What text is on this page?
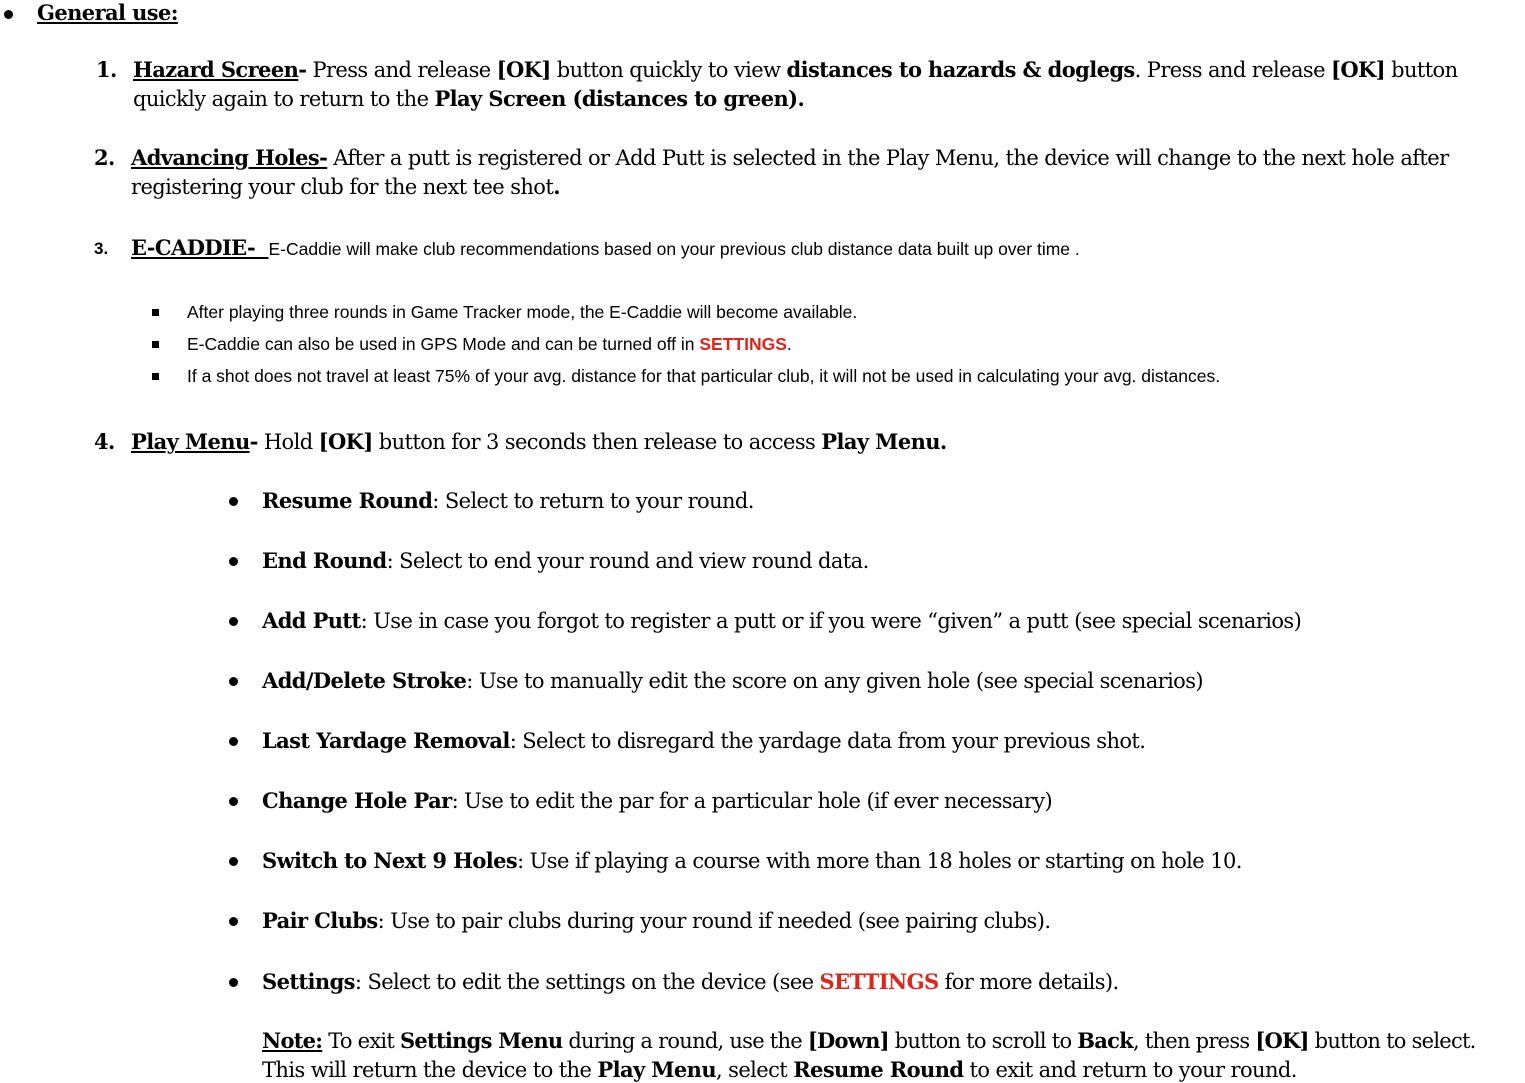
General use:
1. Hazard Screen- Press and release [OK] button quickly to view distances to hazards & doglegs. Press and release [OK] button
quickly again to return to the Play Screen (distances to green).
2. Advancing Holes- After a putt is registered or Add Putt is selected in the Play Menu, the device will change to the next hole after
registering your club for the next tee shot.
3. E-CADDIE-  E-Caddie will make club recommendations based on your previous club distance data built up over time .
After playing three rounds in Game Tracker mode, the E-Caddie will become available.
E-Caddie can also be used in GPS Mode and can be turned off in SETTINGS.
If a shot does not travel at least 75% of your avg. distance for that particular club, it will not be used in calculating your avg. distances.
4. Play Menu- Hold [OK] button for 3 seconds then release to access Play Menu.
Resume Round: Select to return to your round.
End Round: Select to end your round and view round data.
Add Putt: Use in case you forgot to register a putt or if you were “given” a putt (see special scenarios)
Add/Delete Stroke: Use to manually edit the score on any given hole (see special scenarios)
Last Yardage Removal: Select to disregard the yardage data from your previous shot.
Change Hole Par: Use to edit the par for a particular hole (if ever necessary)
Switch to Next 9 Holes: Use if playing a course with more than 18 holes or starting on hole 10.
Pair Clubs: Use to pair clubs during your round if needed (see pairing clubs).
Settings: Select to edit the settings on the device (see SETTINGS for more details).
Note: To exit Settings Menu during a round, use the [Down] button to scroll to Back, then press [OK] button to select.
This will return the device to the Play Menu, select Resume Round to exit and return to your round.
